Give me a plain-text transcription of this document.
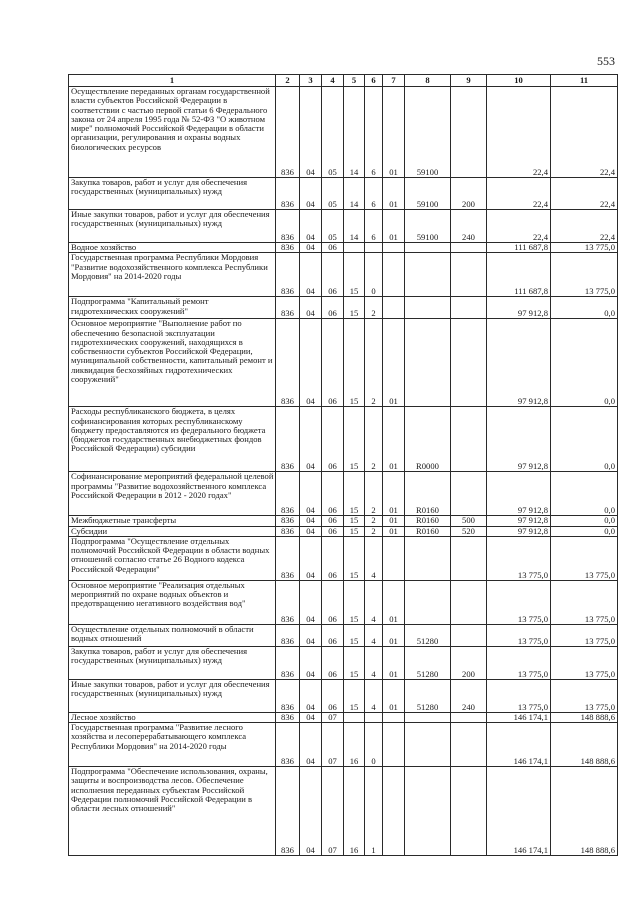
553
1	2	3	4	5	6	7	8	9	10	11
Осуществление переданных органам государственной власти субъектов Российской Федерации в соответствии с частью первой статьи 6 Федерального закона от 24 апреля 1995 года № 52-ФЗ "О животном мире" полномочий Российской Федерации в области организации, регулирования и охраны водных биологических ресурсов	836	04	05	14	6	01	59100		22,4	22,4
Закупка товаров, работ и услуг для обеспечения государственных (муниципальных) нужд	836	04	05	14	6	01	59100	200	22,4	22,4
Иные закупки товаров, работ и услуг для обеспечения государственных (муниципальных) нужд	836	04	05	14	6	01	59100	240	22,4	22,4
Водное хозяйство	836	04	06						111 687,8	13 775,0
Государственная программа Республики Мордовия "Развитие водохозяйственного комплекса Республики Мордовия" на 2014-2020 годы	836	04	06	15	0				111 687,8	13 775,0
Подпрограмма "Капитальный ремонт гидротехнических сооружений"	836	04	06	15	2				97 912,8	0,0
Основное мероприятие "Выполнение работ по обеспечению безопасной эксплуатации гидротехнических сооружений, находящихся в собственности субъектов Российской Федерации, муниципальной собственности, капитальный ремонт и ликвидация бесхозяйных гидротехнических сооружений"	836	04	06	15	2	01			97 912,8	0,0
Расходы республиканского бюджета, в целях софинансирования которых республиканскому бюджету предоставляются из федерального бюджета (бюджетов государственных внебюджетных фондов Российской Федерации) субсидии	836	04	06	15	2	01	R0000		97 912,8	0,0
Софинансирование мероприятий федеральной целевой программы "Развитие водохозяйственного комплекса Российской Федерации в 2012 - 2020 годах"	836	04	06	15	2	01	R0160		97 912,8	0,0
Межбюджетные трансферты	836	04	06	15	2	01	R0160	500	97 912,8	0,0
Субсидии	836	04	06	15	2	01	R0160	520	97 912,8	0,0
Подпрограмма "Осуществление отдельных полномочий Российской Федерации в области водных отношений согласно статье 26 Водного кодекса Российской Федерации"	836	04	06	15	4				13 775,0	13 775,0
Основное мероприятие "Реализация отдельных мероприятий по охране водных объектов и предотвращению негативного воздействия вод"	836	04	06	15	4	01			13 775,0	13 775,0
Осуществление отдельных полномочий в области водных отношений	836	04	06	15	4	01	51280		13 775,0	13 775,0
Закупка товаров, работ и услуг для обеспечения государственных (муниципальных) нужд	836	04	06	15	4	01	51280	200	13 775,0	13 775,0
Иные закупки товаров, работ и услуг для обеспечения государственных (муниципальных) нужд	836	04	06	15	4	01	51280	240	13 775,0	13 775,0
Лесное хозяйство	836	04	07						146 174,1	148 888,6
Государственная программа "Развитие лесного хозяйства и лесоперерабатывающего комплекса Республики Мордовия" на 2014-2020 годы	836	04	07	16	0				146 174,1	148 888,6
Подпрограмма "Обеспечение использования, охраны, защиты и воспроизводства лесов. Обеспечение исполнения переданных субъектам Российской Федерации полномочий Российской Федерации в области лесных отношений"	836	04	07	16	1				146 174,1	148 888,6
